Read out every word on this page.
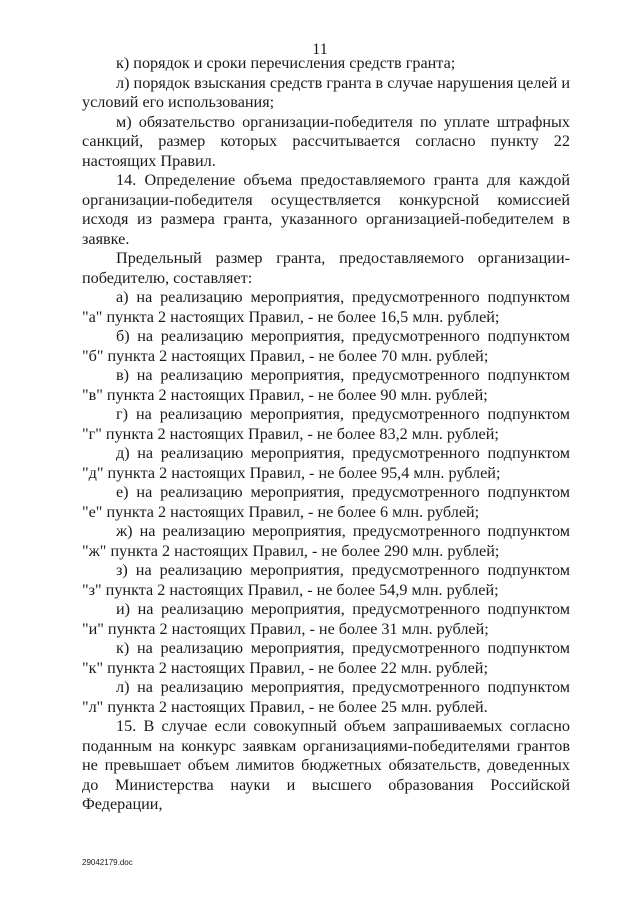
11

к) порядок и сроки перечисления средств гранта;

л) порядок взыскания средств гранта в случае нарушения целей и условий его использования;

м) обязательство организации-победителя по уплате штрафных санкций, размер которых рассчитывается согласно пункту 22 настоящих Правил.

14. Определение объема предоставляемого гранта для каждой организации-победителя осуществляется конкурсной комиссией исходя из размера гранта, указанного организацией-победителем в заявке.

Предельный размер гранта, предоставляемого организации-победителю, составляет:

а) на реализацию мероприятия, предусмотренного подпунктом "а" пункта 2 настоящих Правил, - не более 16,5 млн. рублей;

б) на реализацию мероприятия, предусмотренного подпунктом "б" пункта 2 настоящих Правил, - не более 70 млн. рублей;

в) на реализацию мероприятия, предусмотренного подпунктом "в" пункта 2 настоящих Правил, - не более 90 млн. рублей;

г) на реализацию мероприятия, предусмотренного подпунктом "г" пункта 2 настоящих Правил, - не более 83,2 млн. рублей;

д) на реализацию мероприятия, предусмотренного подпунктом "д" пункта 2 настоящих Правил, - не более 95,4 млн. рублей;

е) на реализацию мероприятия, предусмотренного подпунктом "е" пункта 2 настоящих Правил, - не более 6 млн. рублей;

ж) на реализацию мероприятия, предусмотренного подпунктом "ж" пункта 2 настоящих Правил, - не более 290 млн. рублей;

з) на реализацию мероприятия, предусмотренного подпунктом "з" пункта 2 настоящих Правил, - не более 54,9 млн. рублей;

и) на реализацию мероприятия, предусмотренного подпунктом "и" пункта 2 настоящих Правил, - не более 31 млн. рублей;

к) на реализацию мероприятия, предусмотренного подпунктом "к" пункта 2 настоящих Правил, - не более 22 млн. рублей;

л) на реализацию мероприятия, предусмотренного подпунктом "л" пункта 2 настоящих Правил, - не более 25 млн. рублей.

15. В случае если совокупный объем запрашиваемых согласно поданным на конкурс заявкам организациями-победителями грантов не превышает объем лимитов бюджетных обязательств, доведенных до Министерства науки и высшего образования Российской Федерации,

29042179.doc
